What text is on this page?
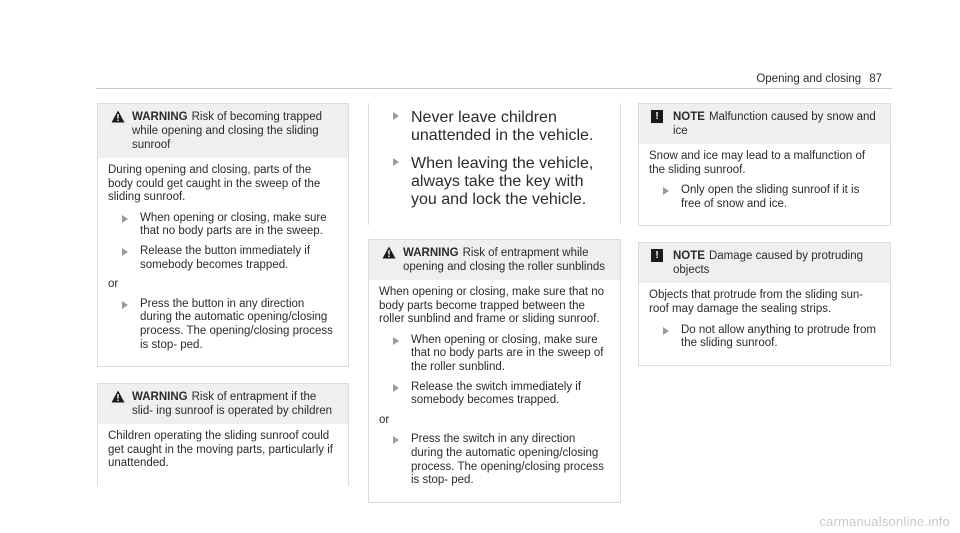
Opening and closing 87
WARNING Risk of becoming trapped while opening and closing the sliding sunroof

During opening and closing, parts of the body could get caught in the sweep of the sliding sunroof.

When opening or closing, make sure that no body parts are in the sweep.
Release the button immediately if somebody becomes trapped.
or
Press the button in any direction during the automatic opening/closing process. The opening/closing process is stop- ped.
WARNING Risk of entrapment if the slid- ing sunroof is operated by children

Children operating the sliding sunroof could get caught in the moving parts, particularly if unattended.

Never leave children unattended in the vehicle.
When leaving the vehicle, always take the key with you and lock the vehicle.
WARNING Risk of entrapment while opening and closing the roller sunblinds

When opening or closing, make sure that no body parts become trapped between the roller sunblind and frame or sliding sunroof.

When opening or closing, make sure that no body parts are in the sweep of the roller sunblind.
Release the switch immediately if somebody becomes trapped.
or
Press the switch in any direction during the automatic opening/closing process. The opening/closing process is stop- ped.
!	NOTE Malfunction caused by snow and ice

Snow and ice may lead to a malfunction of the sliding sunroof.

Only open the sliding sunroof if it is free of snow and ice.
!	NOTE Damage caused by protruding objects

Objects that protrude from the sliding sun- roof may damage the sealing strips.

Do not allow anything to protrude from the sliding sunroof.
carmanualsonline.info
